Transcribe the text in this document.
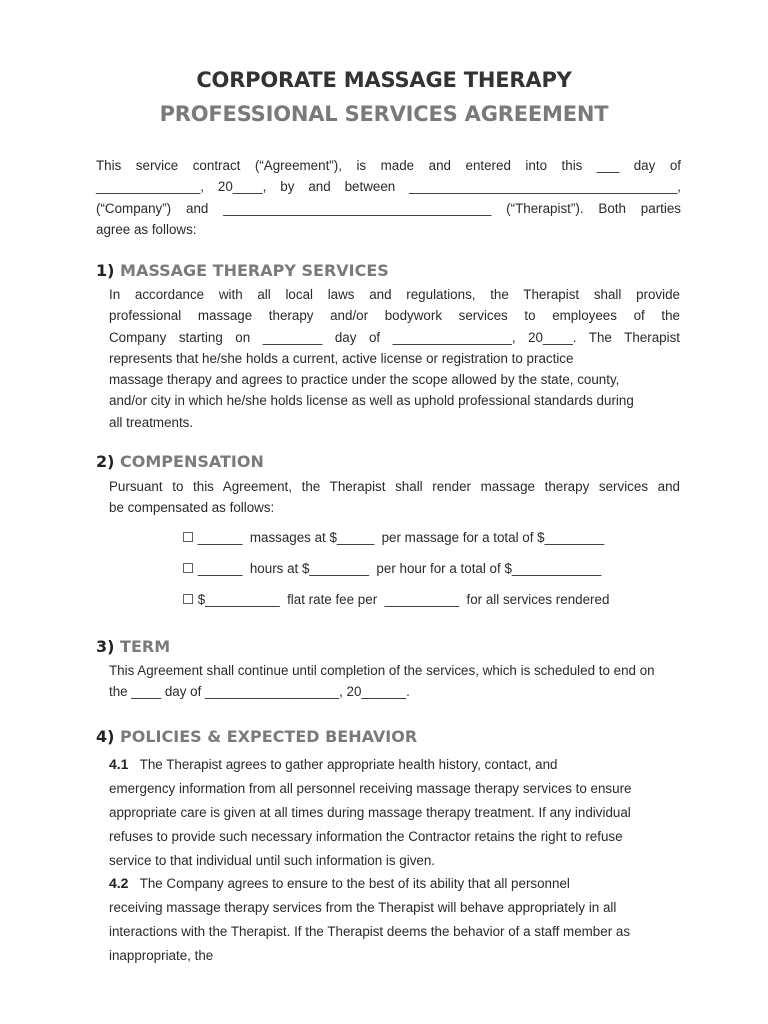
CORPORATE MASSAGE THERAPY
PROFESSIONAL SERVICES AGREEMENT
This service contract (“Agreement”), is made and entered into this ___ day of
______________, 20____, by and between ____________________________________,
(“Company”) and ____________________________________ (“Therapist”). Both parties
agree as follows:
1) MASSAGE THERAPY SERVICES
In accordance with all local laws and regulations, the Therapist shall provide
professional massage therapy and/or bodywork services to employees of the
Company starting on ________ day of ________________, 20____. The Therapist
represents that he/she holds a current, active license or registration to practice
massage therapy and agrees to practice under the scope allowed by the state, county,
and/or city in which he/she holds license as well as uphold professional standards during
all treatments.
2) COMPENSATION
Pursuant to this Agreement, the Therapist shall render massage therapy services and
be compensated as follows:
☐ ______  massages at $_____  per massage for a total of $________
☐ ______  hours at $________  per hour for a total of $____________
☐ $__________  flat rate fee per  __________  for all services rendered
3) TERM
This Agreement shall continue until completion of the services, which is scheduled to end on
the ____ day of __________________, 20______.
4) POLICIES & EXPECTED BEHAVIOR
4.1 The Therapist agrees to gather appropriate health history, contact, and
emergency information from all personnel receiving massage therapy services to ensure
appropriate care is given at all times during massage therapy treatment. If any individual
refuses to provide such necessary information the Contractor retains the right to refuse
service to that individual until such information is given.
4.2 The Company agrees to ensure to the best of its ability that all personnel
receiving massage therapy services from the Therapist will behave appropriately in all
interactions with the Therapist. If the Therapist deems the behavior of a staff member as
inappropriate, the
